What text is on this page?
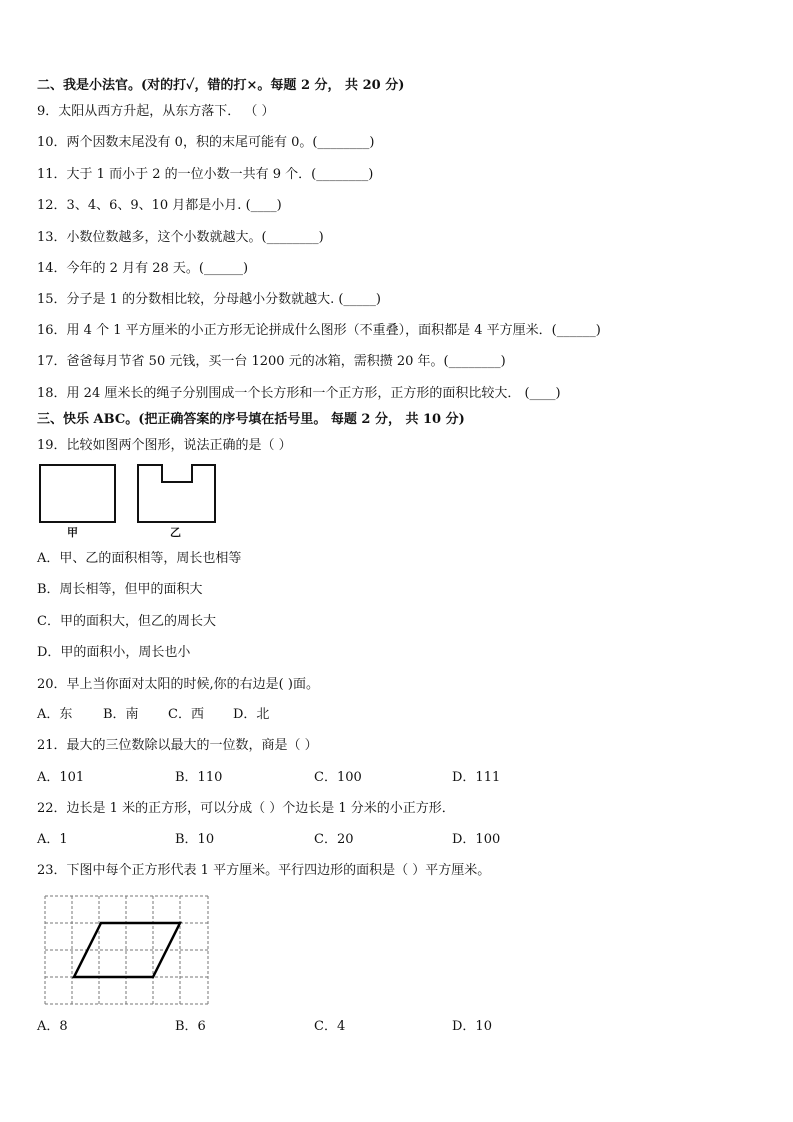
二、我是小法官。(对的打✓，错的打×。每题 2 分， 共 20 分)
9．太阳从西方升起，从东方落下． （ ）
10．两个因数末尾没有 0，积的末尾可能有 0。(________)
11．大于 1 而小于 2 的一位小数一共有 9 个．(________)
12．3、4、6、9、10 月都是小月. (____)
13．小数位数越多，这个小数就越大。(________)
14．今年的 2 月有 28 天。(______)
15．分子是 1 的分数相比较，分母越小分数就越大. (_____)
16．用 4 个 1 平方厘米的小正方形无论拼成什么图形（不重叠），面积都是 4 平方厘米．(______)
17．爸爸每月节省 50 元钱，买一台 1200 元的冰箱，需积攒 20 年。(________)
18．用 24 厘米长的绳子分别围成一个长方形和一个正方形，正方形的面积比较大． (____)
三、快乐 ABC。(把正确答案的序号填在括号里。 每题 2 分， 共 10 分)
19．比较如图两个图形，说法正确的是（ ）
甲	乙
A．甲、乙的面积相等，周长也相等
B．周长相等，但甲的面积大
C．甲的面积大，但乙的周长大
D．甲的面积小，周长也小
20．早上当你面对太阳的时候,你的右边是( )面。
A．东 B．南 C．西 D．北
21．最大的三位数除以最大的一位数，商是（ ）
A．101	B．110	C．100	D．111
22．边长是 1 米的正方形，可以分成（ ）个边长是 1 分米的小正方形．
A．1	B．10	C．20	D．100
23．下图中每个正方形代表 1 平方厘米。平行四边形的面积是（ ）平方厘米。
A．8	B．6	C．4	D．10
